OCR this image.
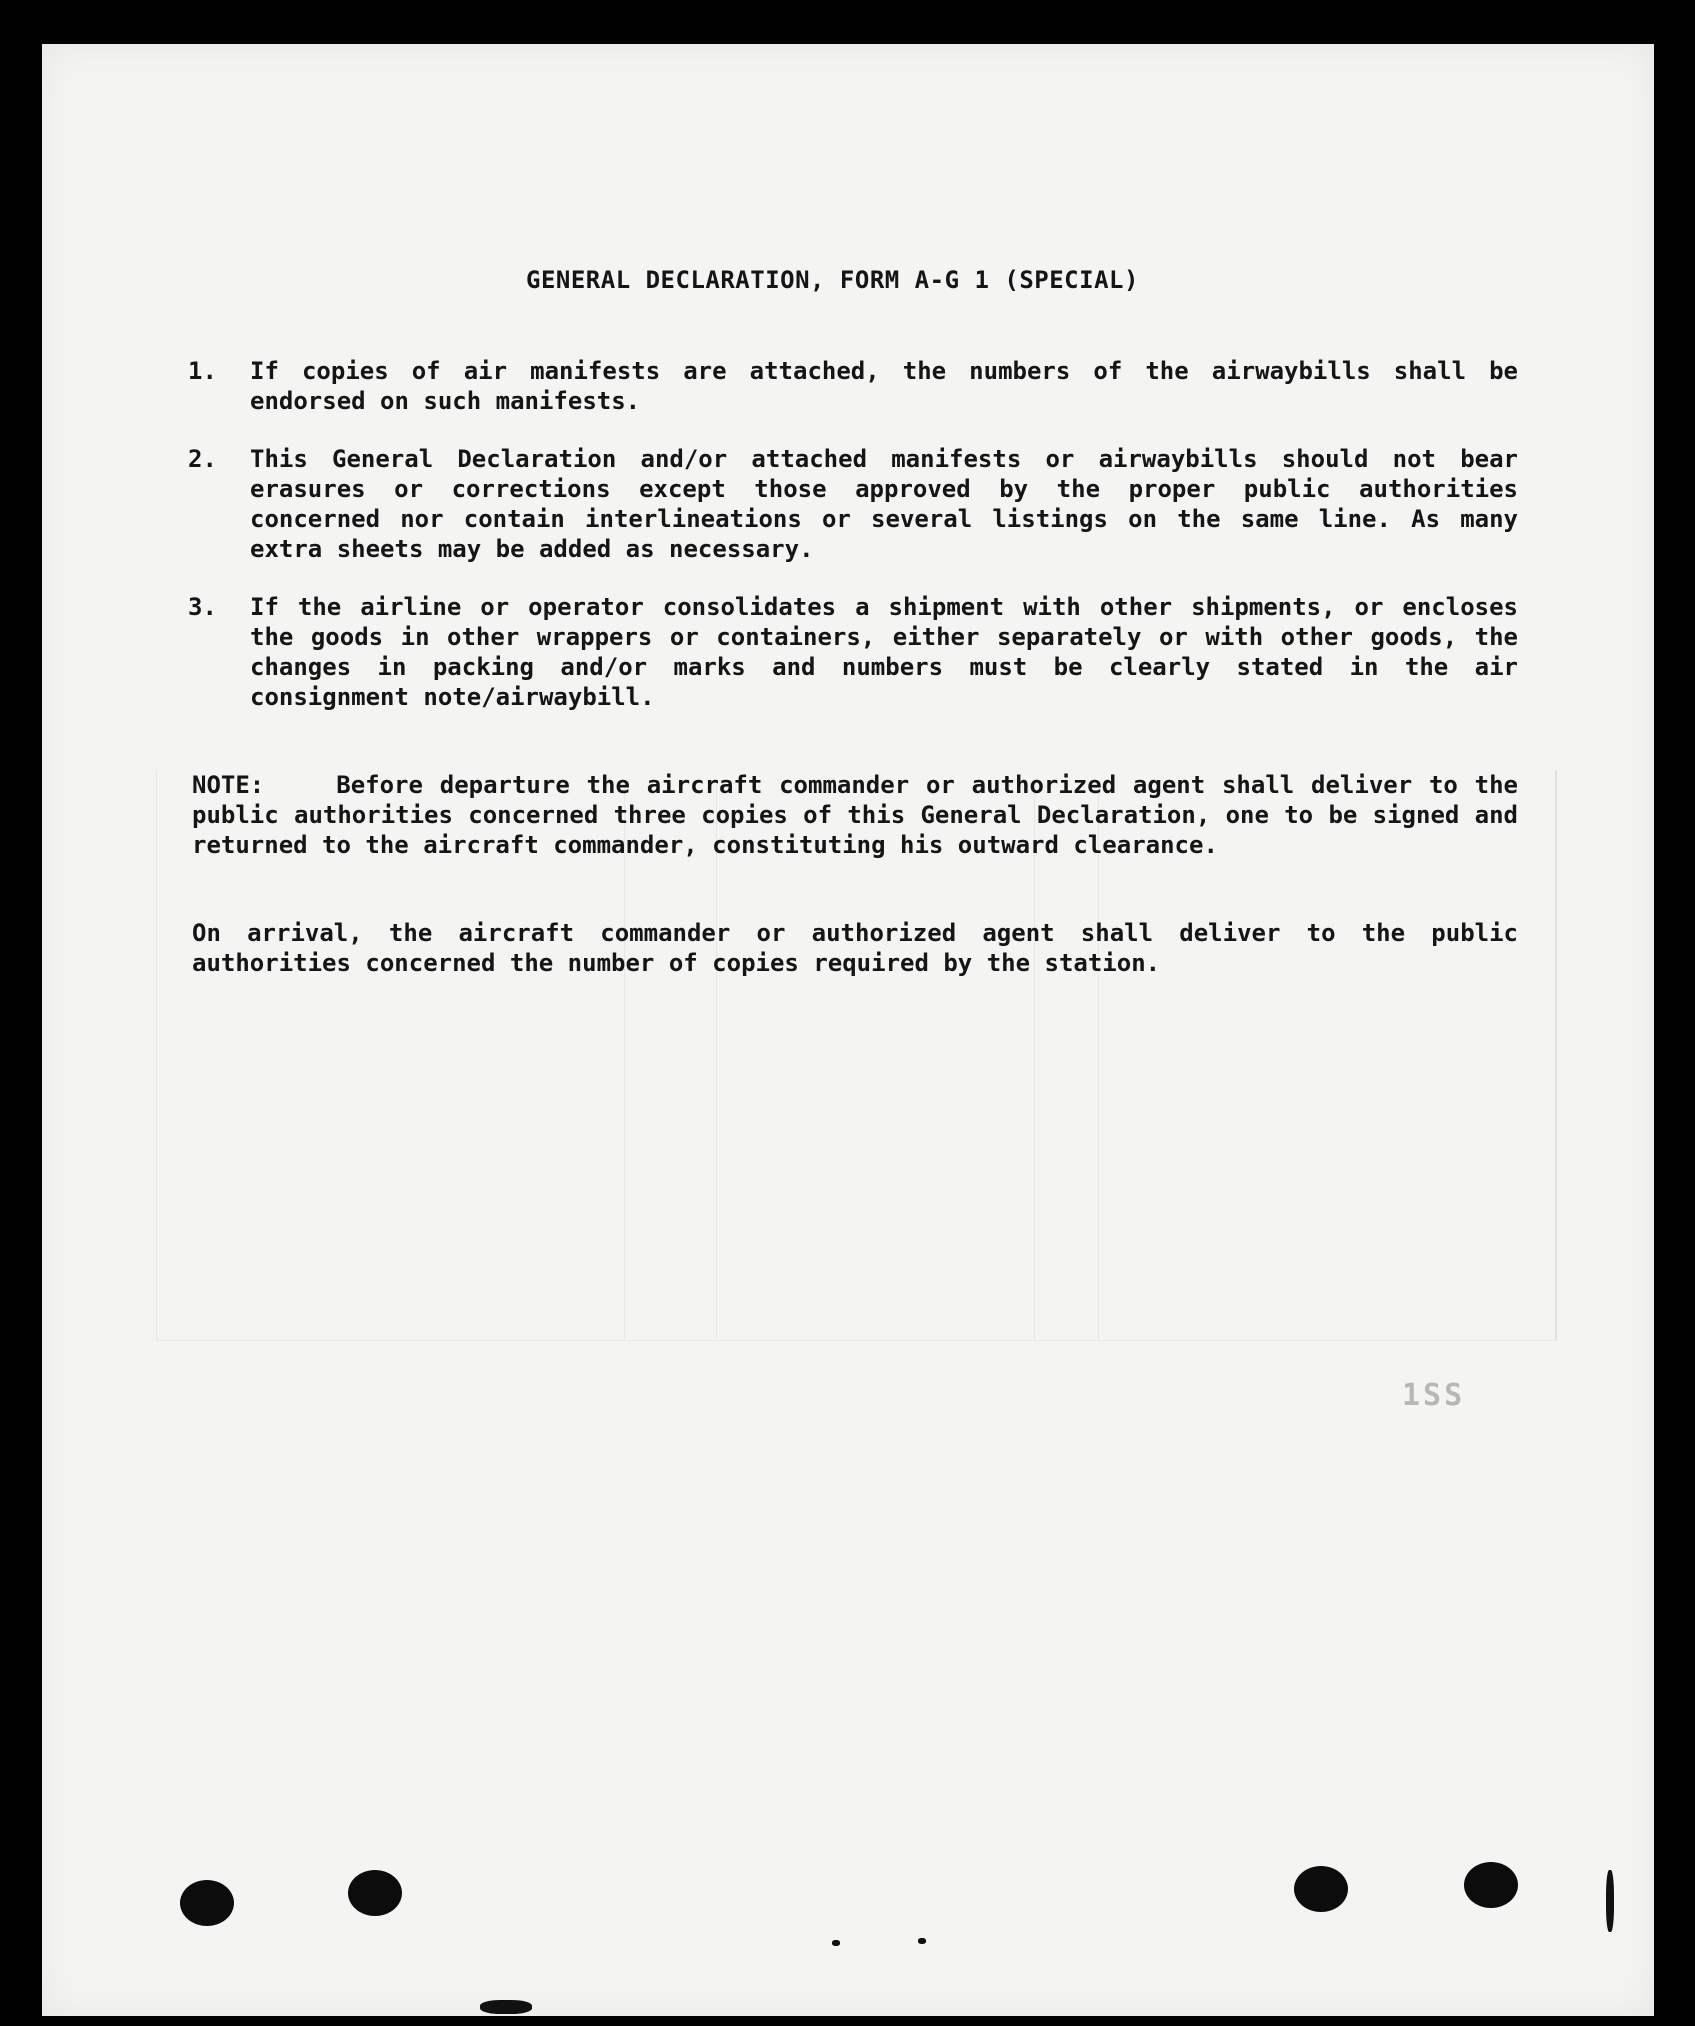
GENERAL DECLARATION, FORM A-G 1 (SPECIAL)
1. If copies of air manifests are attached, the numbers of the airwaybills shall be endorsed on such manifests.
2. This General Declaration and/or attached manifests or airwaybills should not bear erasures or corrections except those approved by the proper public authorities concerned nor contain interlineations or several listings on the same line. As many extra sheets may be added as necessary.
3. If the airline or operator consolidates a shipment with other shipments, or encloses the goods in other wrappers or containers, either separately or with other goods, the changes in packing and/or marks and numbers must be clearly stated in the air consignment note/airwaybill.
NOTE:	Before departure the aircraft commander or authorized agent shall deliver to the public authorities concerned three copies of this General Declaration, one to be signed and returned to the aircraft commander, constituting his outward clearance.
On arrival, the aircraft commander or authorized agent shall deliver to the public authorities concerned the number of copies required by the station.
1SS
